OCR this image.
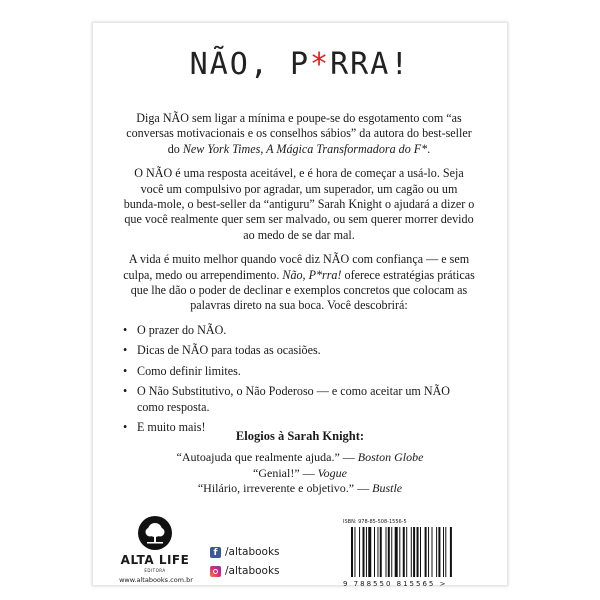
NÃO, P*RRA!

Diga NÃO sem ligar a mínima e poupe-se do esgotamento com “as conversas motivacionais e os conselhos sábios” da autora do best-seller do New York Times, A Mágica Transformadora do F*.

O NÃO é uma resposta aceitável, e é hora de começar a usá-lo. Seja você um compulsivo por agradar, um superador, um cagão ou um bunda-mole, o best-seller da “antiguru” Sarah Knight o ajudará a dizer o que você realmente quer sem ser malvado, ou sem querer morrer devido ao medo de se dar mal.

A vida é muito melhor quando você diz NÃO com confiança — e sem culpa, medo ou arrependimento. Não, P*rra! oferece estratégias práticas que lhe dão o poder de declinar e exemplos concretos que colocam as palavras direto na sua boca. Você descobrirá:

• O prazer do NÃO.
• Dicas de NÃO para todas as ocasiões.
• Como definir limites.
• O Não Substitutivo, o Não Poderoso — e como aceitar um NÃO como resposta.
• E muito mais!
Elogios à Sarah Knight:
“Autoajuda que realmente ajuda.” — Boston Globe
“Genial!” — Vogue
“Hilário, irreverente e objetivo.” — Bustle
ALTA LIFE
EDITORA
www.altabooks.com.br
f /altabooks
/altabooks
ISBN: 978-85-508-1556-5
9 788550 815565 >
